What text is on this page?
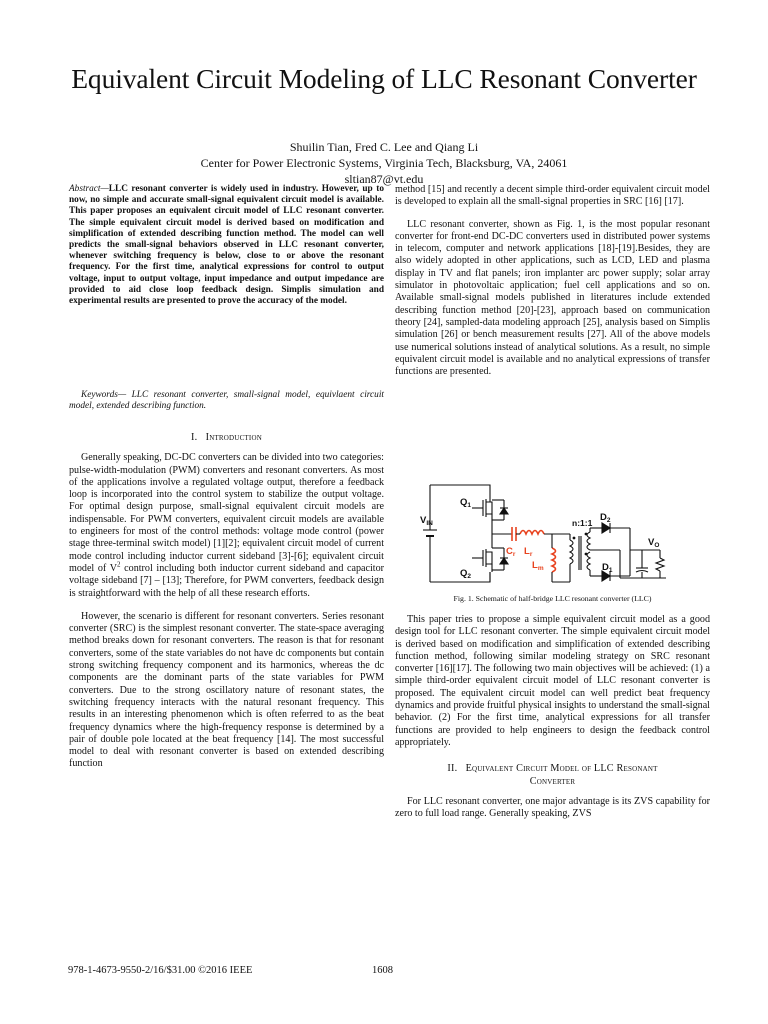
Equivalent Circuit Modeling of LLC Resonant Converter
Shuilin Tian, Fred C. Lee and Qiang Li
Center for Power Electronic Systems, Virginia Tech, Blacksburg, VA, 24061
sltian87@vt.edu
Abstract—LLC resonant converter is widely used in industry. However, up to now, no simple and accurate small-signal equivalent circuit model is available. This paper proposes an equivalent circuit model of LLC resonant converter. The simple equivalent circuit model is derived based on modification and simplification of extended describing function method. The model can well predicts the small-signal behaviors observed in LLC resonant converter, whenever switching frequency is below, close to or above the resonant frequency. For the first time, analytical expressions for control to output voltage, input to output voltage, input impedance and output impedance are provided to aid close loop feedback design. Simplis simulation and experimental results are presented to prove the accuracy of the model.
Keywords— LLC resonant converter, small-signal model, equivlaent circuit model, extended describing function.
I. Introduction

Generally speaking, DC-DC converters can be divided into two categories: pulse-width-modulation (PWM) converters and resonant converters. As most of the applications involve a regulated voltage output, therefore a feedback loop is incorporated into the control system to stabilize the output voltage. For optimal design purpose, small-signal equivalent circuit models are indispensable. For PWM converters, equivalent circuit models are available to engineers for most of the control methods: voltage mode control (power stage three-terminal switch model) [1][2]; equivalent circuit model of current mode control including inductor current sideband [3]-[6]; equivalent circuit model of $V^2$ control including both inductor current sideband and capacitor voltage sideband [7] – [13]; Therefore, for PWM converters, feedback design is straightforward with the help of all these research efforts.

However, the scenario is different for resonant converters. Series resonant converter (SRC) is the simplest resonant converter. The state-space averaging method breaks down for resonant converters. The reason is that for resonant converters, some of the state variables do not have dc components but contain strong switching frequency component and its harmonics, whereas the dc components are the dominant parts of the state variables for PWM converters. Due to the strong oscillatory nature of resonant states, the switching frequency interacts with the natural resonant frequency. This results in an interesting phenomenon which is often referred to as the beat frequency dynamics where the high-frequency response is determined by a pair of double pole located at the beat frequency [14]. The most successful model to deal with resonant converter is based on extended describing function

method [15] and recently a decent simple third-order equivalent circuit model is developed to explain all the small-signal properties in SRC [16] [17].

LLC resonant converter, shown as Fig. 1, is the most popular resonant converter for front-end DC-DC converters used in distributed power systems in telecom, computer and network applications [18]-[19].Besides, they are also widely adopted in other applications, such as LCD, LED and plasma display in TV and flat panels; iron implanter arc power supply; solar array simulator in photovoltaic application; fuel cell applications and so on. Available small-signal models published in literatures include extended describing function method [20]-[23], approach based on communication theory [24], sampled-data modeling approach [25], analysis based on Simplis simulation [26] or bench measurement results [27]. All of the above models use numerical solutions instead of analytical solutions. As a result, no simple equivalent circuit model is available and no analytical expressions of transfer functions are presented.

$Q_1$
$V_{IN}$
$Q_2$
$C_r$ $L_r$
$L_m$
n:1:1 $D_2$
$D_1$
$V_O$
Fig. 1. Schematic of half-bridge LLC resonant converter (LLC)

This paper tries to propose a simple equivalent circuit model as a good design tool for LLC resonant converter. The simple equivalent circuit model is derived based on modification and simplification of extended describing function method, following similar modeling strategy on SRC resonant converter [16][17]. The following two main objectives will be achieved: (1) a simple third-order equivalent circuit model of LLC resonant converter is proposed. The equivalent circuit model can well predict beat frequency dynamics and provide fruitful physical insights to understand the small-signal behavior. (2) For the first time, analytical expressions for all transfer functions are provided to help engineers to design the feedback control appropriately.

II. Equivalent Circuit Model of LLC Resonant
Converter

For LLC resonant converter, one major advantage is its ZVS capability for zero to full load range. Generally speaking, ZVS

978-1-4673-9550-2/16/$31.00 ©2016 IEEE	1608
